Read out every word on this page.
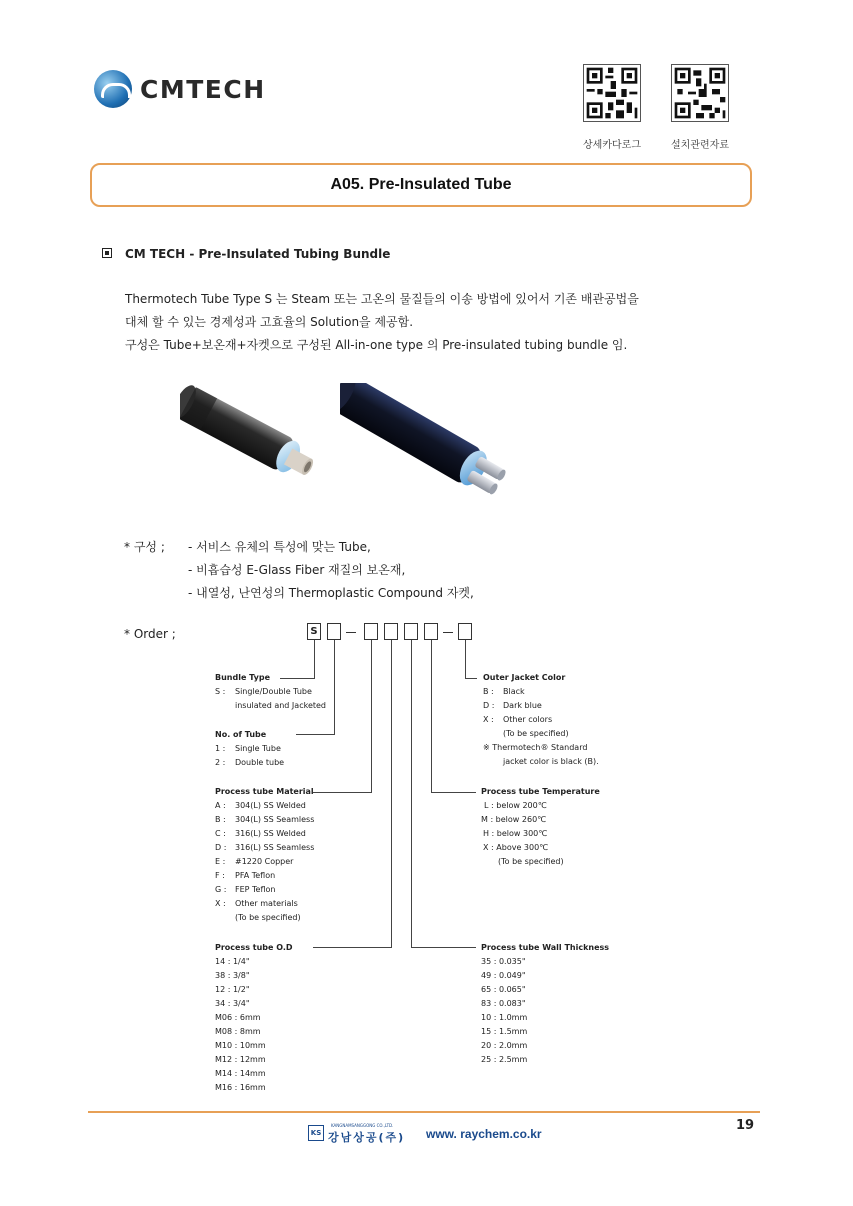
CMTECH
상세카다로그	설치관련자료
A05. Pre-Insulated Tube
CM TECH - Pre-Insulated Tubing Bundle
Thermotech Tube Type S 는 Steam 또는 고온의 물질들의 이송 방법에 있어서 기존 배관공법을
대체 할 수 있는 경제성과 고효율의 Solution을 제공함.
구성은 Tube+보온재+자켓으로 구성된 All-in-one type 의 Pre-insulated tubing bundle 임.
* 구성 ; - 서비스 유체의 특성에 맞는 Tube,
- 비흡습성 E-Glass Fiber 재질의 보온재,
- 내열성, 난연성의 Thermoplastic Compound 자켓,
* Order ;	S
Bundle Type
S :	Single/Double Tube
insulated and Jacketed
No. of Tube
1 :	Single Tube
2 :	Double tube
Process tube Material
A :	304(L) SS Welded
B :	304(L) SS Seamless
C :	316(L) SS Welded
D :	316(L) SS Seamless
E :	#1220 Copper
F :	PFA Teflon
G :	FEP Teflon
X :	Other materials
(To be specified)
Process tube O.D
14 : 1/4"
38 : 3/8"
12 : 1/2"
34 : 3/4"
M06 : 6mm
M08 : 8mm
M10 : 10mm
M12 : 12mm
M14 : 14mm
M16 : 16mm
Outer Jacket Color
B :	Black
D :	Dark blue
X :	Other colors
(To be specified)
※ Thermotech® Standard
jacket color is black (B).
Process tube Temperature
L : below 200℃
M : below 260℃
H : below 300℃
X : Above 300℃
(To be specified)
Process tube Wall Thickness
35 : 0.035"
49 : 0.049"
65 : 0.065"
83 : 0.083"
10 : 1.0mm
15 : 1.5mm
20 : 2.0mm
25 : 2.5mm
19
KS
KANGNAMSANGGONG CO.,LTD.
강남상공(주) www. raychem.co.kr
